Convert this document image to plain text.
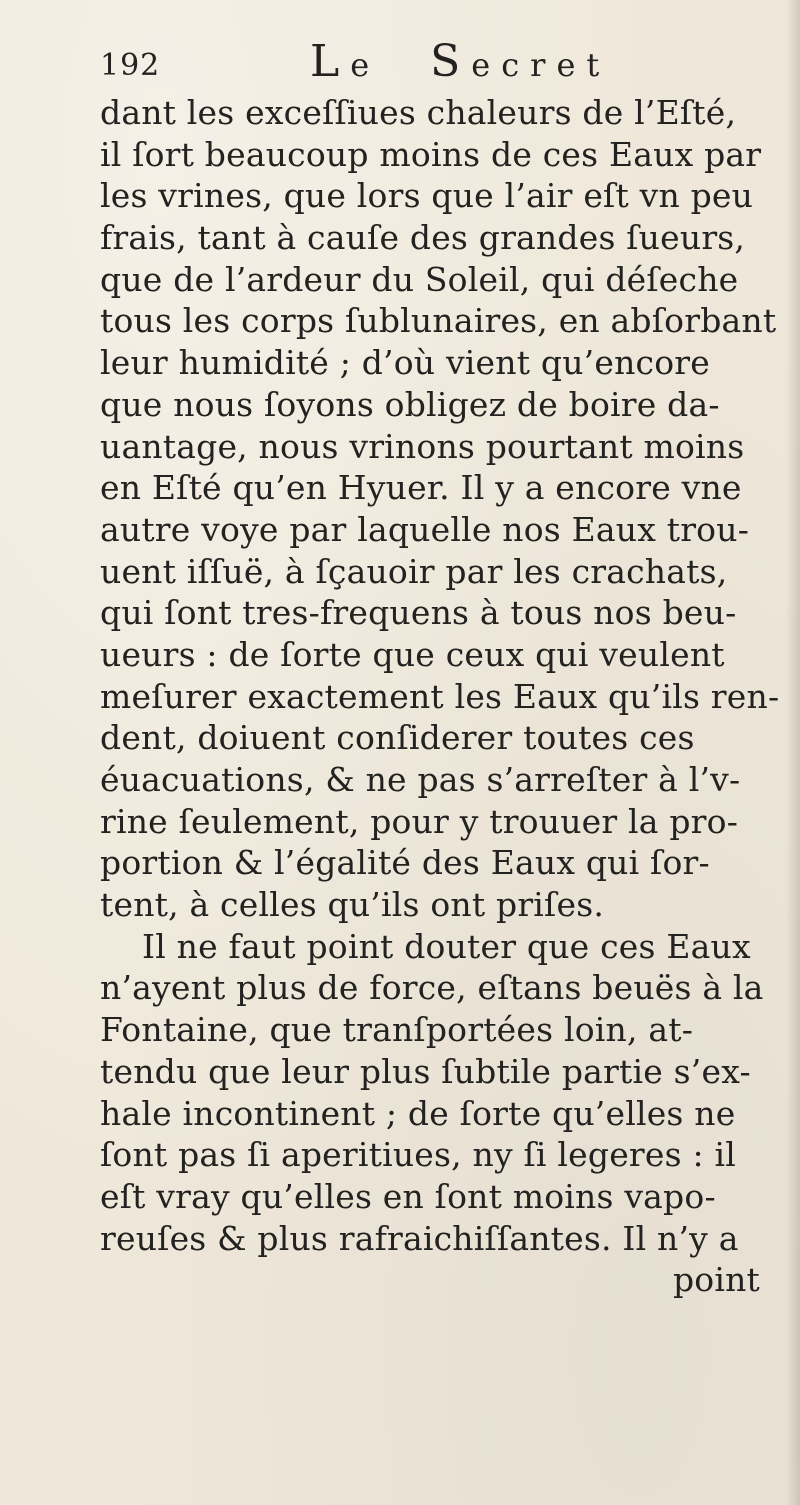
192	Le Secret
dant les exceſſiues chaleurs de l’Eſté,
il ſort beaucoup moins de ces Eaux par
les vrines, que lors que l’air eſt vn peu
frais, tant à cauſe des grandes ſueurs,
que de l’ardeur du Soleil, qui déſeche
tous les corps ſublunaires, en abſorbant
leur humidité ; d’où vient qu’encore
que nous ſoyons obligez de boire da-
uantage, nous vrinons pourtant moins
en Eſté qu’en Hyuer. Il y a encore vne
autre voye par laquelle nos Eaux trou-
uent iſſuë, à ſçauoir par les crachats,
qui ſont tres-frequens à tous nos beu-
ueurs : de ſorte que ceux qui veulent
meſurer exactement les Eaux qu’ils ren-
dent, doiuent conſiderer toutes ces
éuacuations, & ne pas s’arreſter à l’v-
rine ſeulement, pour y trouuer la pro-
portion & l’égalité des Eaux qui ſor-
tent, à celles qu’ils ont priſes.
Il ne faut point douter que ces Eaux
n’ayent plus de force, eſtans beuës à la
Fontaine, que tranſportées loin, at-
tendu que leur plus ſubtile partie s’ex-
hale incontinent ; de ſorte qu’elles ne
ſont pas ſi aperitiues, ny ſi legeres : il
eſt vray qu’elles en ſont moins vapo-
reuſes & plus rafraichiſſantes. Il n’y a
point
